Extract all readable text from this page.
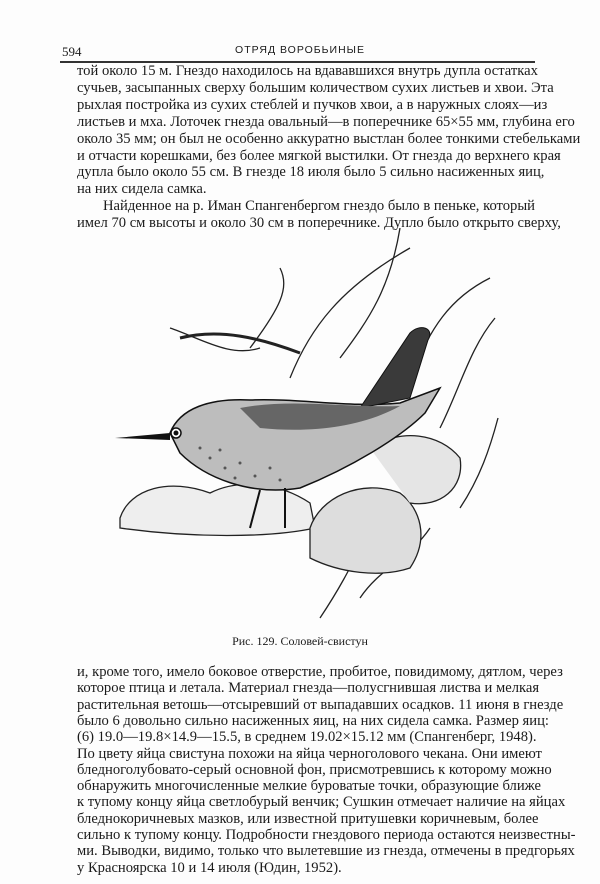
594	ОТРЯД ВОРОБЬИНЫЕ
той около 15 м. Гнездо находилось на вдававшихся внутрь дупла остатках
сучьев, засыпанных сверху большим количеством сухих листьев и хвои. Эта
рыхлая постройка из сухих стеблей и пучков хвои, а в наружных слоях—из
листьев и мха. Лоточек гнезда овальный—в поперечнике 65×55 мм, глубина его
около 35 мм; он был не особенно аккуратно выстлан более тонкими стебельками
и отчасти корешками, без более мягкой выстилки. От гнезда до верхнего края
дупла было около 55 см. В гнезде 18 июля было 5 сильно насиженных яиц,
на них сидела самка.
Найденное на р. Иман Спангенбергом гнездо было в пеньке, который
имел 70 см высоты и около 30 см в поперечнике. Дупло было открыто сверху,
Рис. 129. Соловей-свистун
и, кроме того, имело боковое отверстие, пробитое, повидимому, дятлом, через
которое птица и летала. Материал гнезда—полусгнившая листва и мелкая
растительная ветошь—отсыревший от выпадавших осадков. 11 июня в гнезде
было 6 довольно сильно насиженных яиц, на них сидела самка. Размер яиц:
(6) 19.0—19.8×14.9—15.5, в среднем 19.02×15.12 мм (Спангенберг, 1948).
По цвету яйца свистуна похожи на яйца черноголового чекана. Они имеют
бледноголубовато-серый основной фон, присмотревшись к которому можно
обнаружить многочисленные мелкие буроватые точки, образующие ближе
к тупому концу яйца светлобурый венчик; Сушкин отмечает наличие на яйцах
бледнокоричневых мазков, или известной притушевки коричневым, более
сильно к тупому концу. Подробности гнездового периода остаются неизвестны-
ми. Выводки, видимо, только что вылетевшие из гнезда, отмечены в предгорьях
у Красноярска 10 и 14 июля (Юдин, 1952).
